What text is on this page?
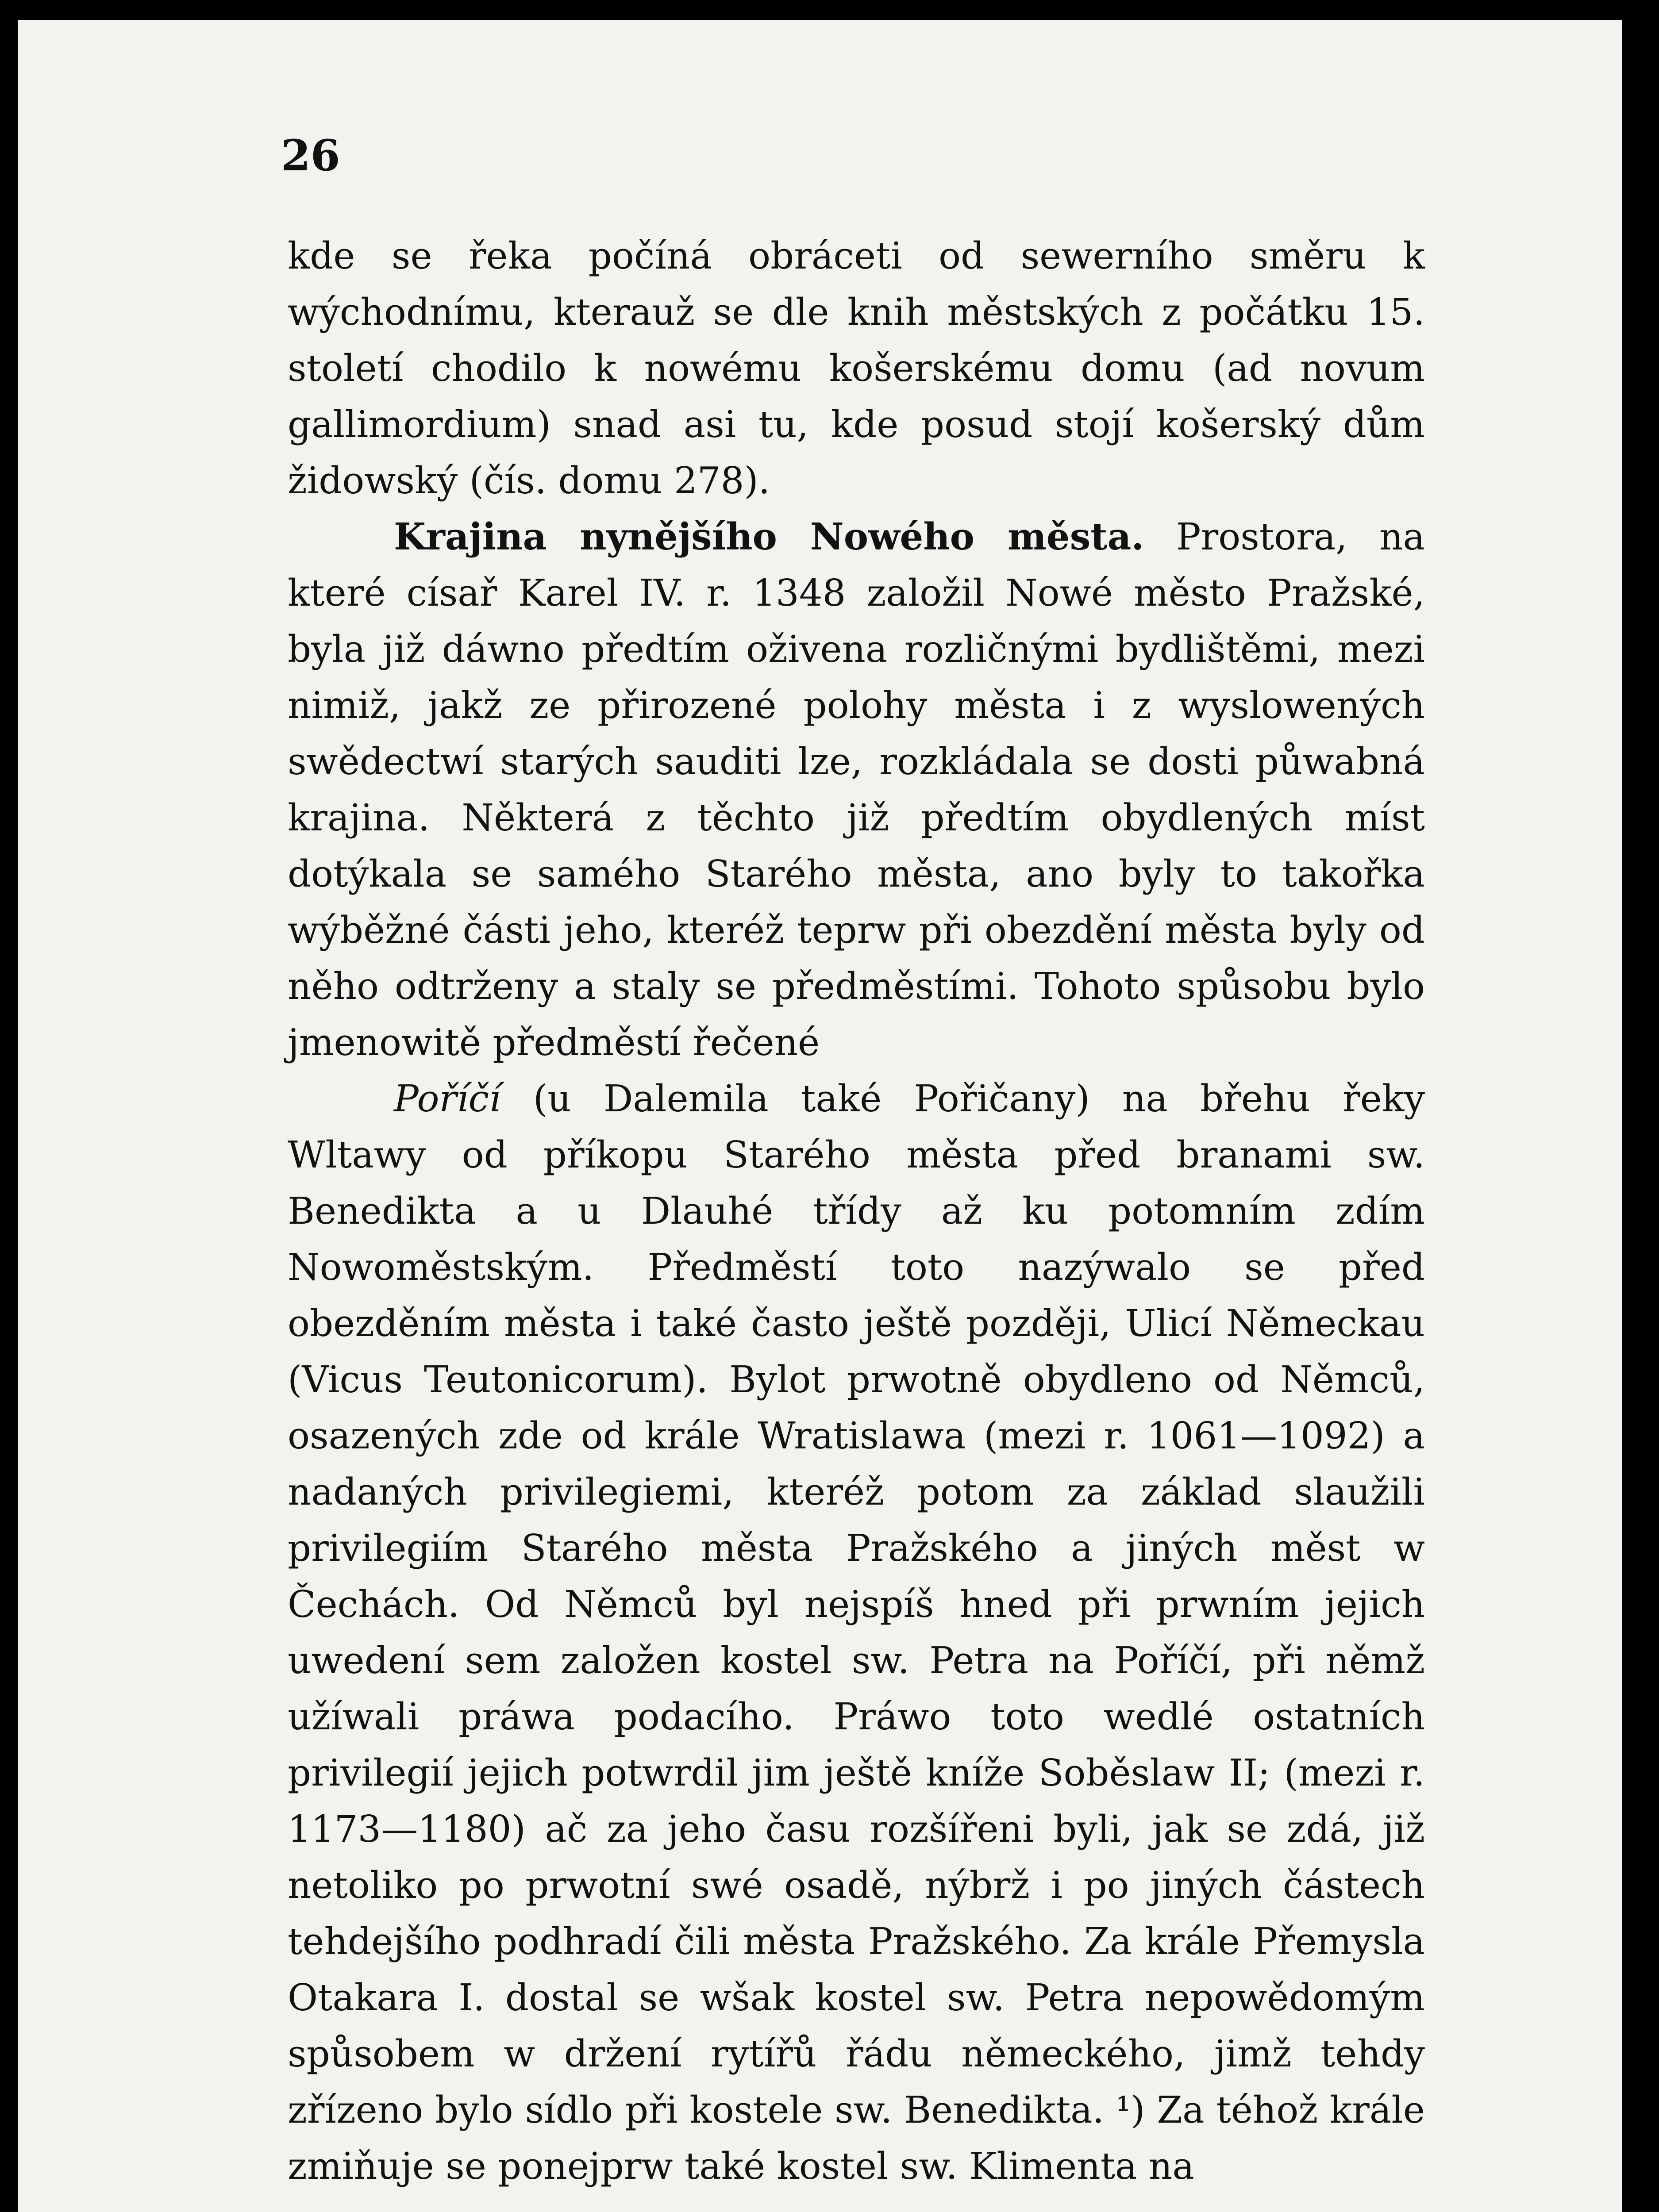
26

kde se řeka počíná obráceti od sewerního směru k wýchodnímu, kterauž se dle knih městských z počátku 15. století chodilo k nowému košerskému domu (ad novum gallimordium) snad asi tu, kde posud stojí košerský dům židowský (čís. domu 278).

Krajina nynějšího Nowého města. Prostora, na které císař Karel IV. r. 1348 založil Nowé město Pražské, byla již dáwno předtím oživena rozličnými bydlištěmi, mezi nimiž, jakž ze přirozené polohy města i z wyslowených swědectwí starých sauditi lze, rozkládala se dosti půwabná krajina. Některá z těchto již předtím obydlených míst dotýkala se samého Starého města, ano byly to takořka wýběžné části jeho, kteréž teprw při obezdění města byly od něho odtrženy a staly se předměstími. Tohoto spůsobu bylo jmenowitě předměstí řečené

Poříčí (u Dalemila také Pořičany) na břehu řeky Wltawy od příkopu Starého města před branami sw. Benedikta a u Dlauhé třídy až ku potomním zdím Nowoměstským. Předměstí toto nazýwalo se před obezděním města i také často ještě později, Ulicí Německau (Vicus Teutonicorum). Bylot prwotně obydleno od Němců, osazených zde od krále Wratislawa (mezi r. 1061—1092) a nadaných privilegiemi, kteréž potom za základ slaužili privilegiím Starého města Pražského a jiných měst w Čechách. Od Němců byl nejspíš hned při prwním jejich uwedení sem založen kostel sw. Petra na Poříčí, při němž užíwali práwa podacího. Práwo toto wedlé ostatních privilegií jejich potwrdil jim ještě kníže Soběslaw II; (mezi r. 1173—1180) ač za jeho času rozšířeni byli, jak se zdá, již netoliko po prwotní swé osadě, nýbrž i po jiných částech tehdejšího podhradí čili města Pražského. Za krále Přemysla Otakara I. dostal se wšak kostel sw. Petra nepowědomým spůsobem w držení rytířů řádu německého, jimž tehdy zřízeno bylo sídlo při kostele sw. Benedikta. ¹) Za téhož krále zmiňuje se ponejprw také kostel sw. Klimenta na
